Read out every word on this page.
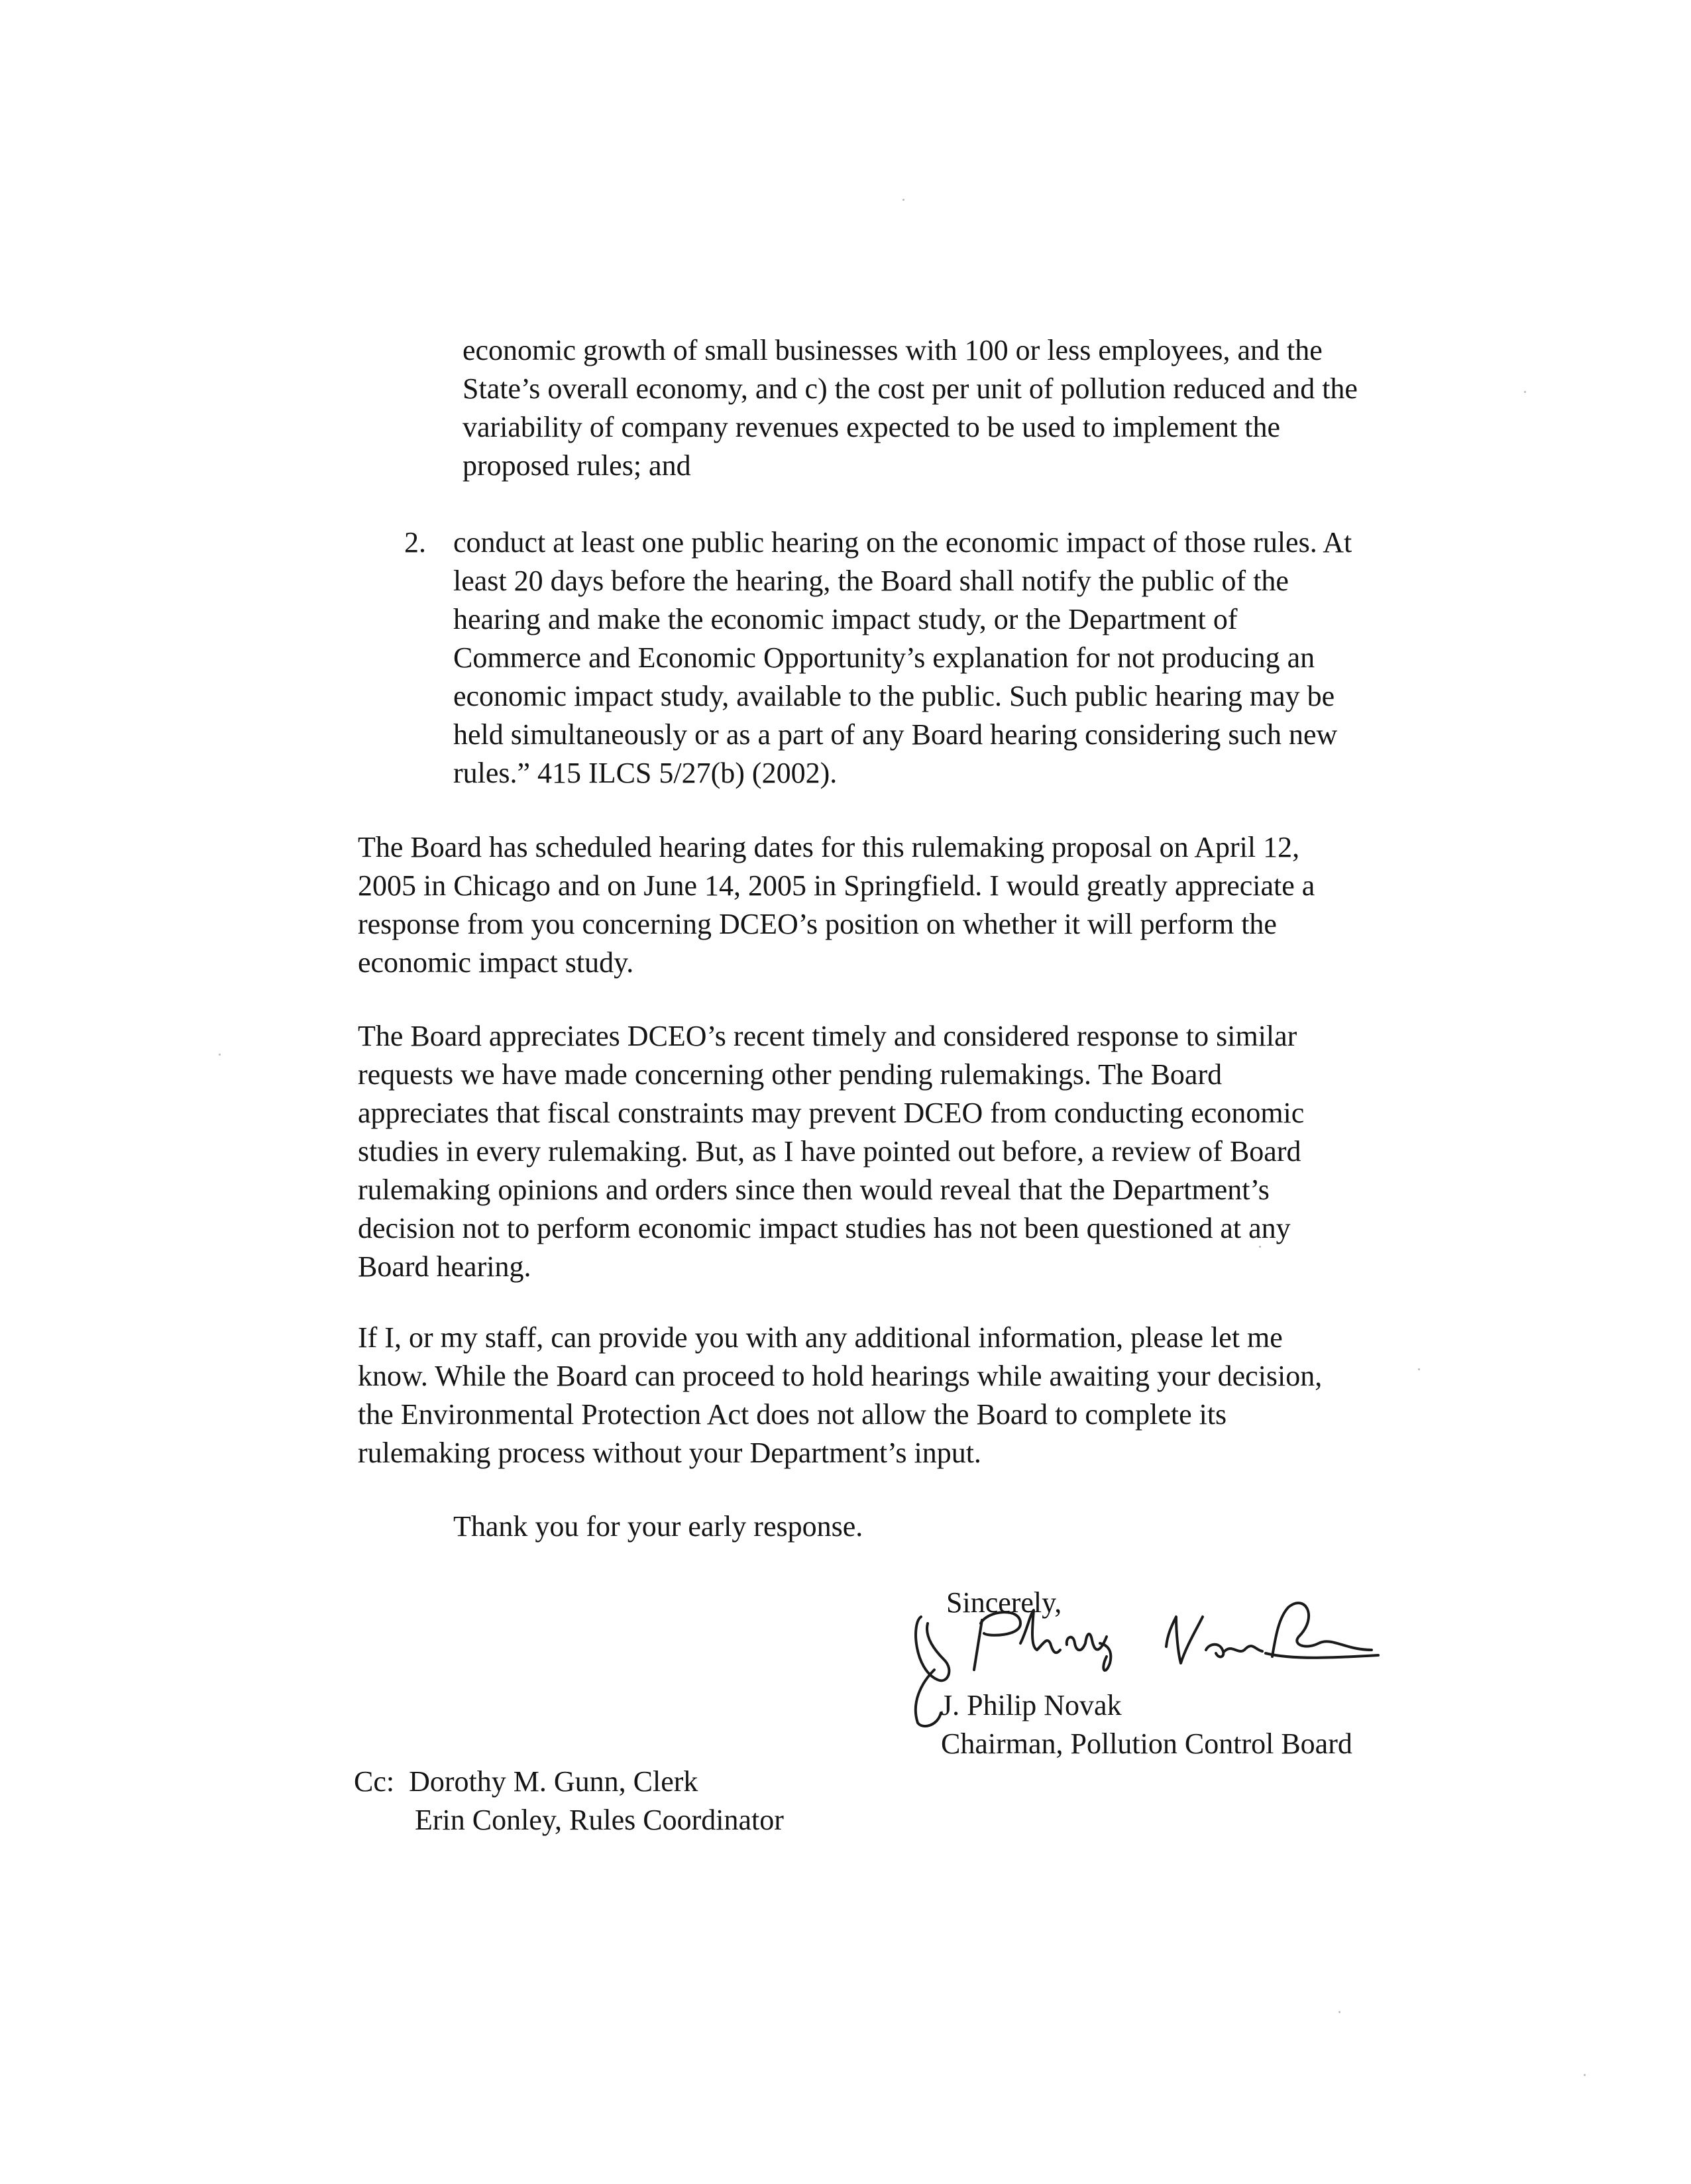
economic growth of small businesses with 100 or less employees, and the
State’s overall economy, and c) the cost per unit of pollution reduced and the
variability of company revenues expected to be used to implement the
proposed rules; and
2. conduct at least one public hearing on the economic impact of those rules. At
least 20 days before the hearing, the Board shall notify the public of the
hearing and make the economic impact study, or the Department of
Commerce and Economic Opportunity’s explanation for not producing an
economic impact study, available to the public. Such public hearing may be
held simultaneously or as a part of any Board hearing considering such new
rules.” 415 ILCS 5/27(b) (2002).
The Board has scheduled hearing dates for this rulemaking proposal on April 12,
2005 in Chicago and on June 14, 2005 in Springfield. I would greatly appreciate a
response from you concerning DCEO’s position on whether it will perform the
economic impact study.
The Board appreciates DCEO’s recent timely and considered response to similar
requests we have made concerning other pending rulemakings. The Board
appreciates that fiscal constraints may prevent DCEO from conducting economic
studies in every rulemaking. But, as I have pointed out before, a review of Board
rulemaking opinions and orders since then would reveal that the Department’s
decision not to perform economic impact studies has not been questioned at any
Board hearing.
If I, or my staff, can provide you with any additional information, please let me
know. While the Board can proceed to hold hearings while awaiting your decision,
the Environmental Protection Act does not allow the Board to complete its
rulemaking process without your Department’s input.
Thank you for your early response.
Sincerely,
J. Philip Novak
J. Philip Novak
Chairman, Pollution Control Board
Cc: Dorothy M. Gunn, Clerk
Erin Conley, Rules Coordinator
